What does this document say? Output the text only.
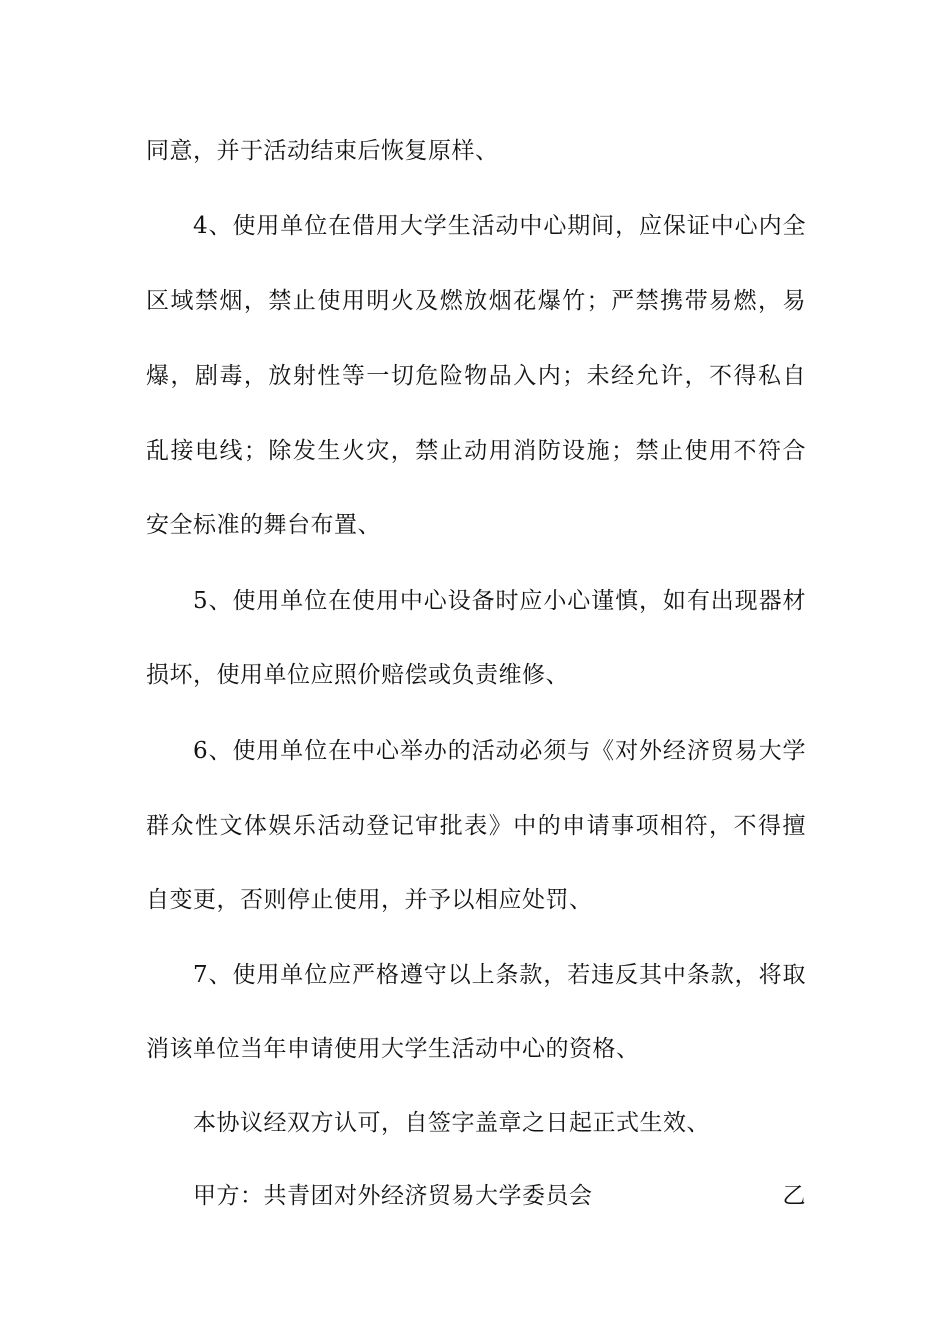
同意，并于活动结束后恢复原样、
4、使用单位在借用大学生活动中心期间，应保证中心内全
区域禁烟，禁止使用明火及燃放烟花爆竹；严禁携带易燃，易
爆，剧毒，放射性等一切危险物品入内；未经允许，不得私自
乱接电线；除发生火灾，禁止动用消防设施；禁止使用不符合
安全标准的舞台布置、
5、使用单位在使用中心设备时应小心谨慎，如有出现器材
损坏，使用单位应照价赔偿或负责维修、
6、使用单位在中心举办的活动必须与《对外经济贸易大学
群众性文体娱乐活动登记审批表》中的申请事项相符，不得擅
自变更，否则停止使用，并予以相应处罚、
7、使用单位应严格遵守以上条款，若违反其中条款，将取
消该单位当年申请使用大学生活动中心的资格、
本协议经双方认可，自签字盖章之日起正式生效、
甲方：共青团对外经济贸易大学委员会	乙
